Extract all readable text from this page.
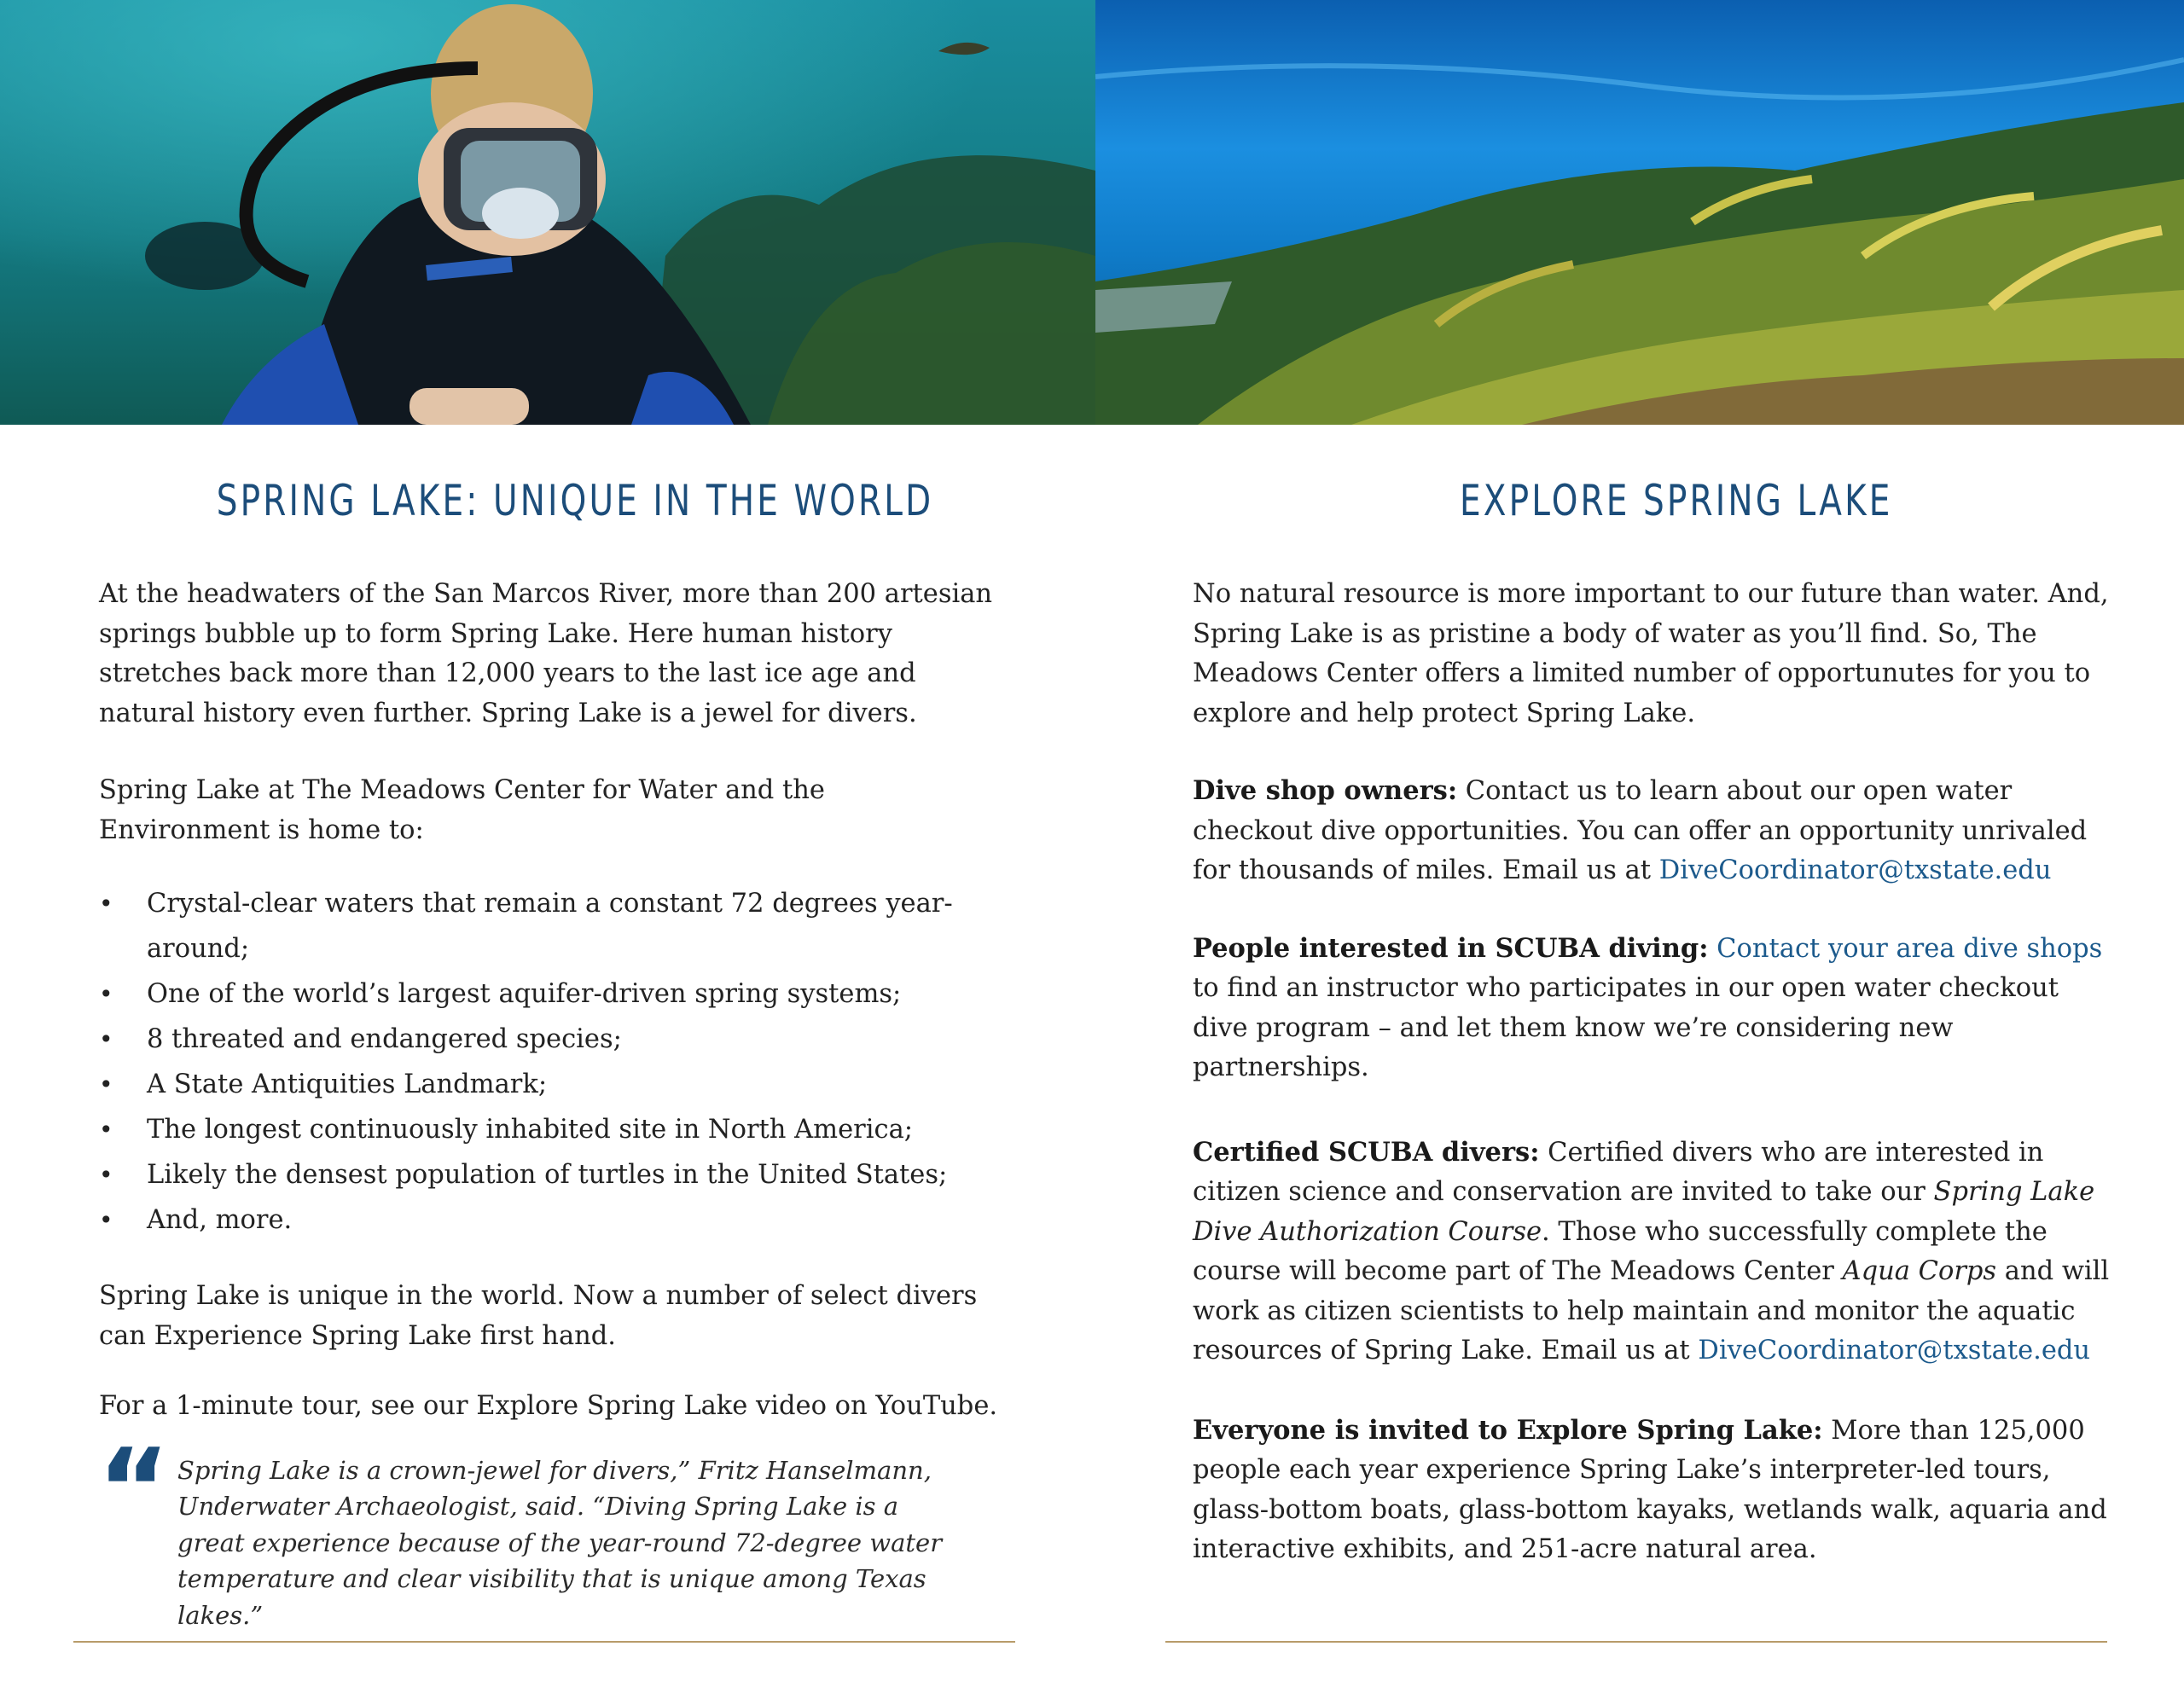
SPRING LAKE: UNIQUE IN THE WORLD

At the headwaters of the San Marcos River, more than 200 artesian springs bubble up to form Spring Lake. Here human history stretches back more than 12,000 years to the last ice age and natural history even further. Spring Lake is a jewel for divers.

Spring Lake at The Meadows Center for Water and the Environment is home to:

• Crystal-clear waters that remain a constant 72 degrees year-around;
• One of the world’s largest aquifer-driven spring systems;
• 8 threated and endangered species;
• A State Antiquities Landmark;
• The longest continuously inhabited site in North America;
• Likely the densest population of turtles in the United States;
• And, more.

Spring Lake is unique in the world. Now a number of select divers can Experience Spring Lake first hand.

For a 1-minute tour, see our Explore Spring Lake video on YouTube.

“ Spring Lake is a crown-jewel for divers,” Fritz Hanselmann, Underwater Archaeologist, said. “Diving Spring Lake is a great experience because of the year-round 72-degree water temperature and clear visibility that is unique among Texas lakes.”
EXPLORE SPRING LAKE

No natural resource is more important to our future than water. And, Spring Lake is as pristine a body of water as you’ll find. So, The Meadows Center offers a limited number of opportunutes for you to explore and help protect Spring Lake.

Dive shop owners: Contact us to learn about our open water checkout dive opportunities. You can offer an opportunity unrivaled for thousands of miles. Email us at DiveCoordinator@txstate.edu

People interested in SCUBA diving: Contact your area dive shops to find an instructor who participates in our open water checkout dive program – and let them know we’re considering new partnerships.

Certified SCUBA divers: Certified divers who are interested in citizen science and conservation are invited to take our Spring Lake Dive Authorization Course. Those who successfully complete the course will become part of The Meadows Center Aqua Corps and will work as citizen scientists to help maintain and monitor the aquatic resources of Spring Lake. Email us at DiveCoordinator@txstate.edu

Everyone is invited to Explore Spring Lake: More than 125,000 people each year experience Spring Lake’s interpreter-led tours, glass-bottom boats, glass-bottom kayaks, wetlands walk, aquaria and interactive exhibits, and 251-acre natural area.
